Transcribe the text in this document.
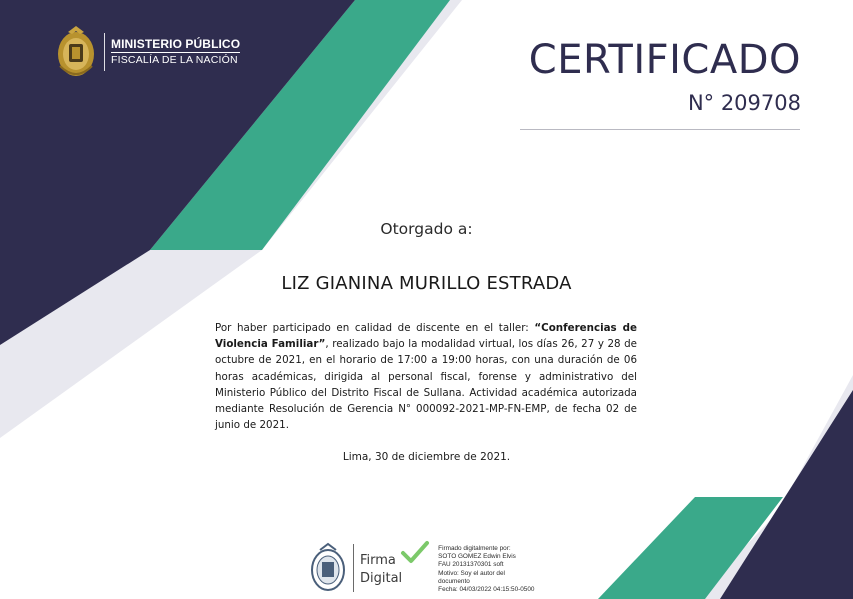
MINISTERIO PÚBLICO
FISCALÍA DE LA NACIÓN	CERTIFICADO
N° 209708
Otorgado a:
LIZ GIANINA MURILLO ESTRADA
Por haber participado en calidad de discente en el taller: “Conferencias de Violencia Familiar”, realizado bajo la modalidad virtual, los días 26, 27 y 28 de octubre de 2021, en el horario de 17:00 a 19:00 horas, con una duración de 06 horas académicas, dirigida al personal fiscal, forense y administrativo del Ministerio Público del Distrito Fiscal de Sullana. Actividad académica autorizada mediante Resolución de Gerencia N° 000092-2021-MP-FN-EMP, de fecha 02 de junio de 2021.
Lima, 30 de diciembre de 2021.
Firma
Digital
Firmado digitalmente por:
SOTO GOMEZ Edwin Elvis
FAU 20131370301 soft
Motivo: Soy el autor del
documento
Fecha: 04/03/2022 04:15:50-0500
